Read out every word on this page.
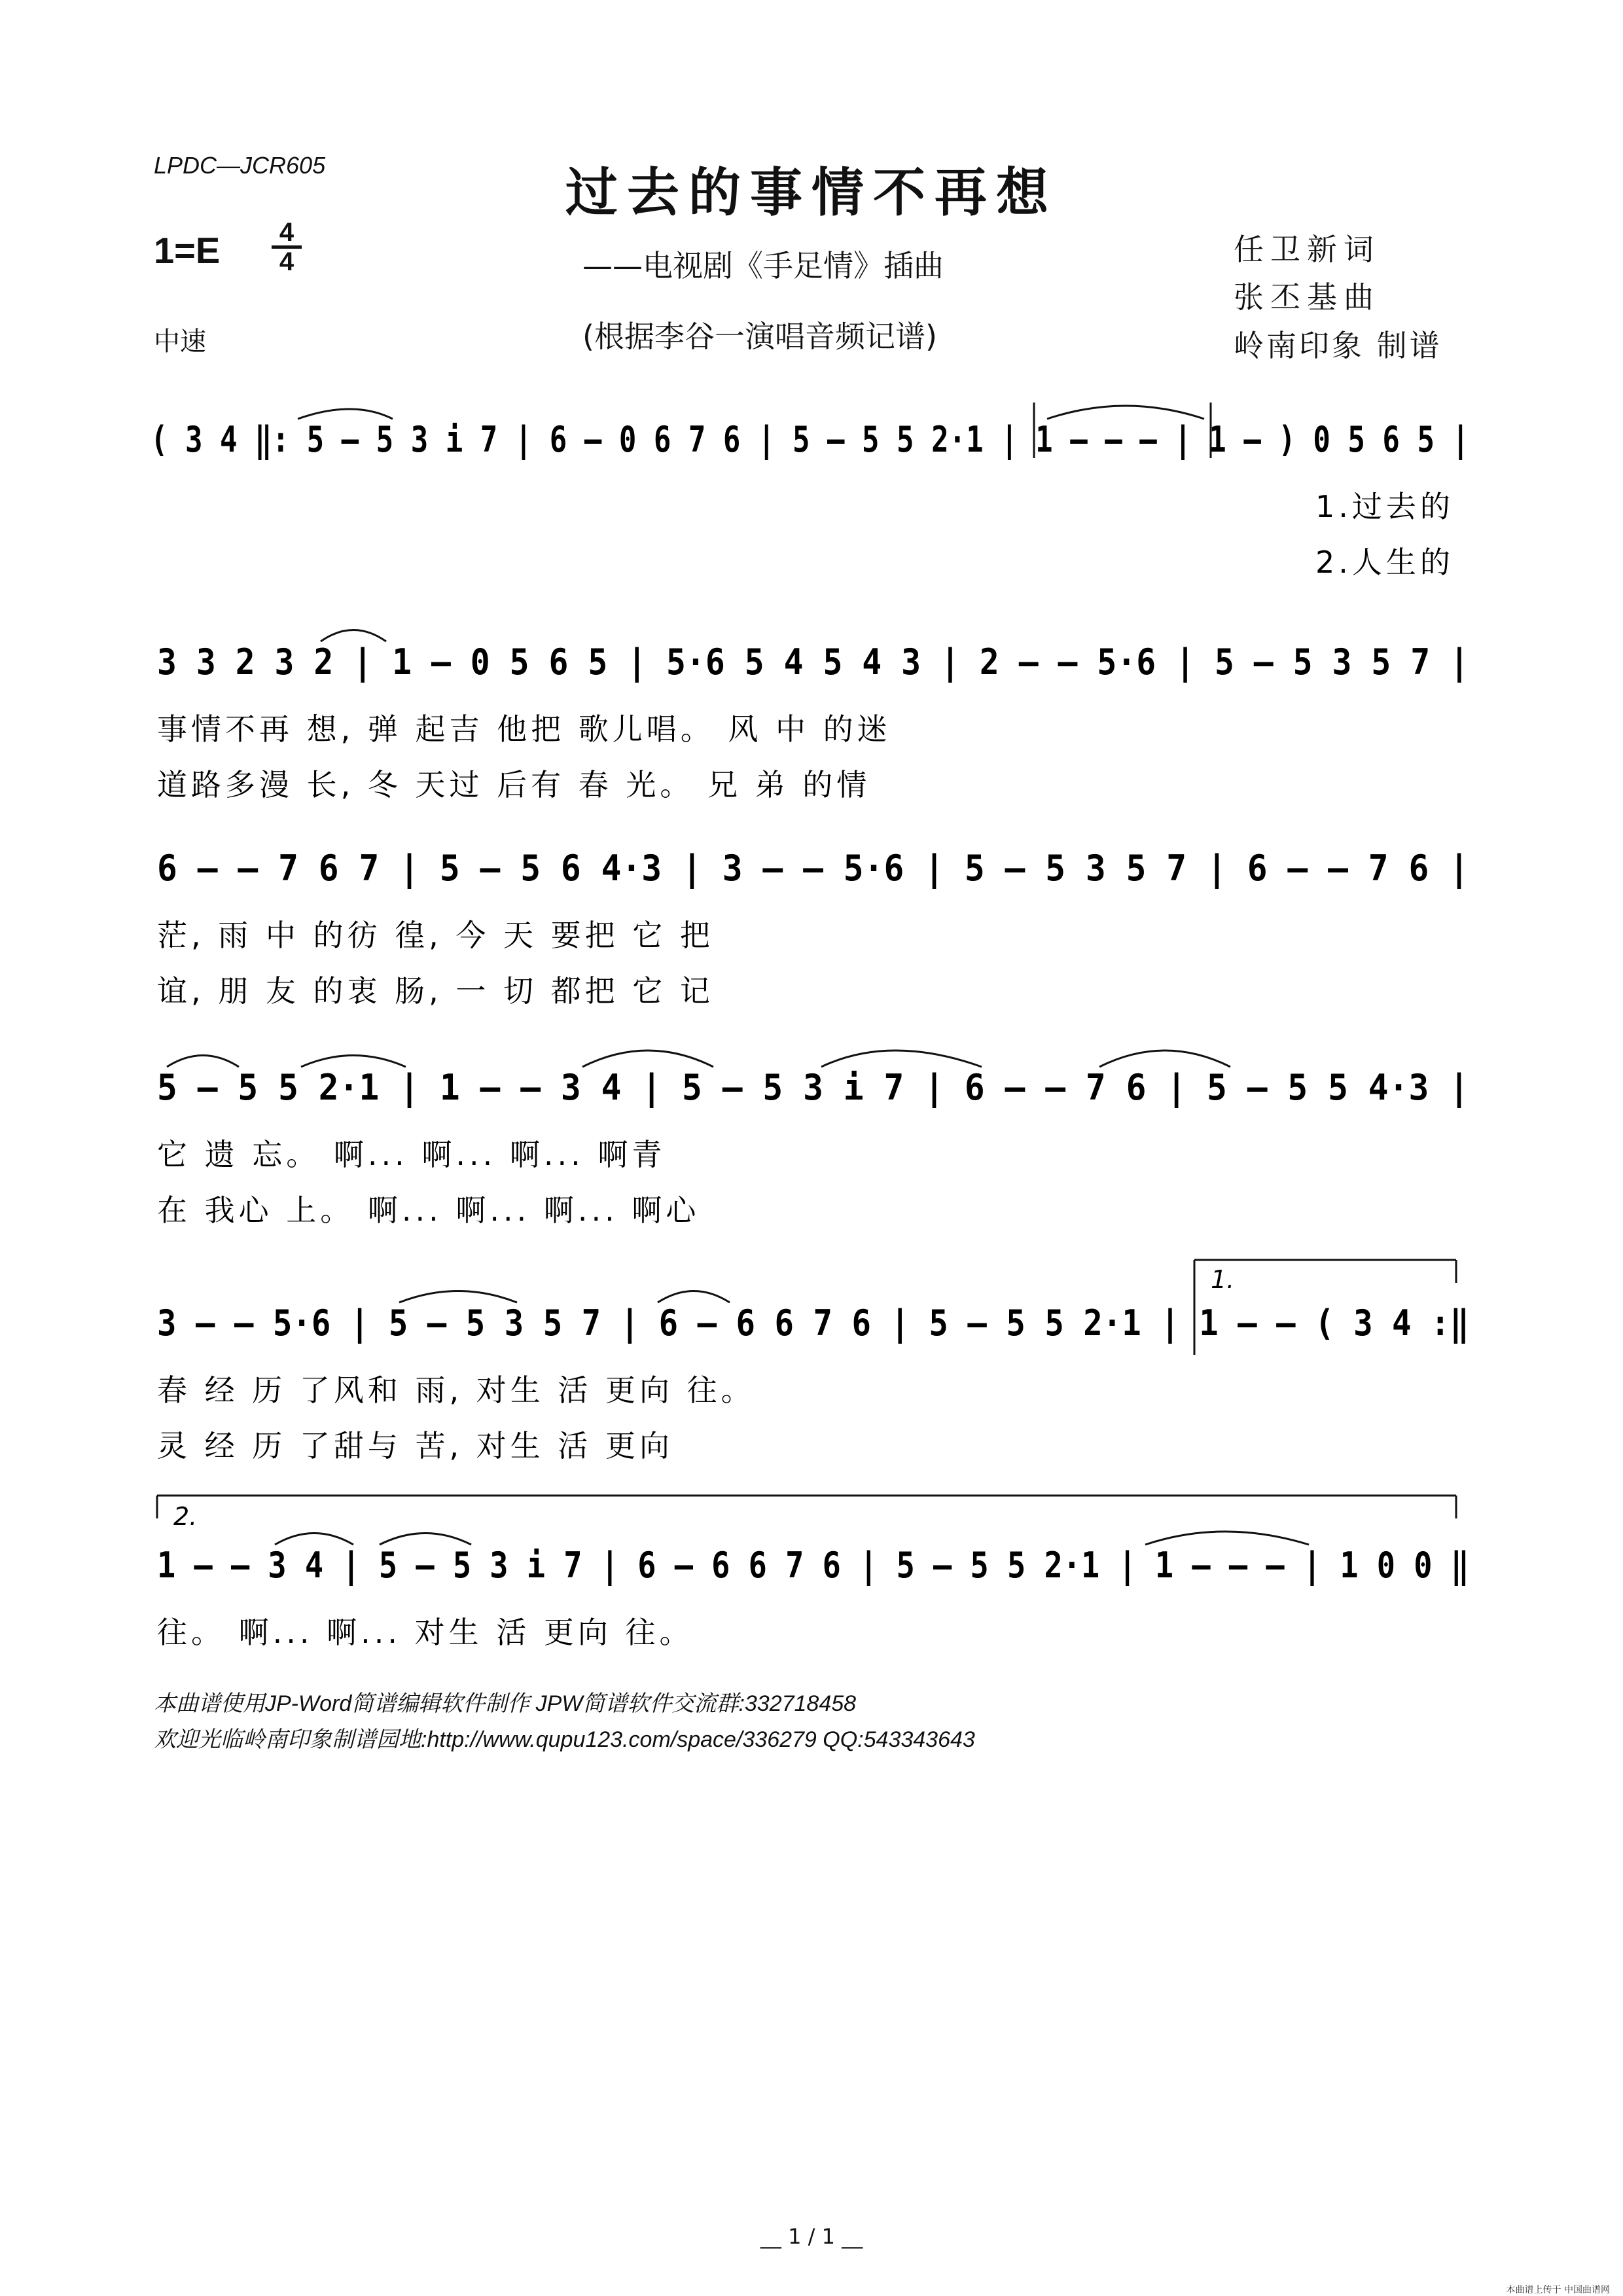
LPDC—JCR605	过去的事情不再想
1=E 4
4	——电视剧《手足情》插曲
(根据李谷一演唱音频记谱)
中速
任卫新词
张丕基曲
岭南印象 制谱
( 3 4 ‖: 5 – 5 3 i 7 | 6 – 0 6 7 6 | 5 – 5 5 2·1 | 1 – – – | 1 – ) 0 5 6 5 |
1.过去的
2.人生的
3 3 2 3 2 | 1 – 0 5 6 5 | 5·6 5 4 5 4 3 | 2 – – 5·6 | 5 – 5 3 5 7 |
事情不再 想, 弹 起吉 他把 歌儿唱。 风 中 的迷
道路多漫 长, 冬 天过 后有 春 光。 兄 弟 的情
6 – – 7 6 7 | 5 – 5 6 4·3 | 3 – – 5·6 | 5 – 5 3 5 7 | 6 – – 7 6 |
茫, 雨 中 的彷 徨, 今 天 要把 它 把
谊, 朋 友 的衷 肠, 一 切 都把 它 记
5 – 5 5 2·1 | 1 – – 3 4 | 5 – 5 3 i 7 | 6 – – 7 6 | 5 – 5 5 4·3 |
它 遗 忘。 啊... 啊... 啊... 啊青
在 我心 上。 啊... 啊... 啊... 啊心
1.
3 – – 5·6 | 5 – 5 3 5 7 | 6 – 6 6 7 6 | 5 – 5 5 2·1 | 1 – – ( 3 4 :‖
春 经 历 了风和 雨, 对生 活 更向 往。
灵 经 历 了甜与 苦, 对生 活 更向
2.
1 – – 3 4 | 5 – 5 3 i 7 | 6 – 6 6 7 6 | 5 – 5 5 2·1 | 1 – – – | 1 0 0 ‖
往。 啊... 啊... 对生 活 更向 往。
本曲谱使用JP-Word简谱编辑软件制作 JPW简谱软件交流群:332718458
欢迎光临岭南印象制谱园地:http://www.qupu123.com/space/336279 QQ:543343643
__ 1 / 1 __
本曲谱上传于 中国曲谱网
